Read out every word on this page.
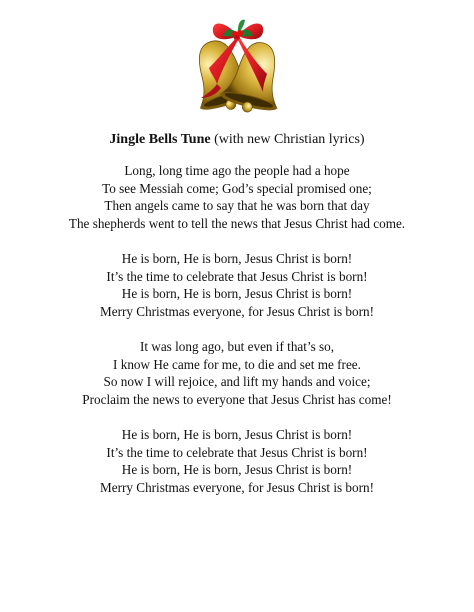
Jingle Bells Tune (with new Christian lyrics)
Long, long time ago the people had a hope
To see Messiah come; God’s special promised one;
Then angels came to say that he was born that day
The shepherds went to tell the news that Jesus Christ had come.
He is born, He is born, Jesus Christ is born!
It’s the time to celebrate that Jesus Christ is born!
He is born, He is born, Jesus Christ is born!
Merry Christmas everyone, for Jesus Christ is born!
It was long ago, but even if that’s so,
I know He came for me, to die and set me free.
So now I will rejoice, and lift my hands and voice;
Proclaim the news to everyone that Jesus Christ has come!
He is born, He is born, Jesus Christ is born!
It’s the time to celebrate that Jesus Christ is born!
He is born, He is born, Jesus Christ is born!
Merry Christmas everyone, for Jesus Christ is born!
